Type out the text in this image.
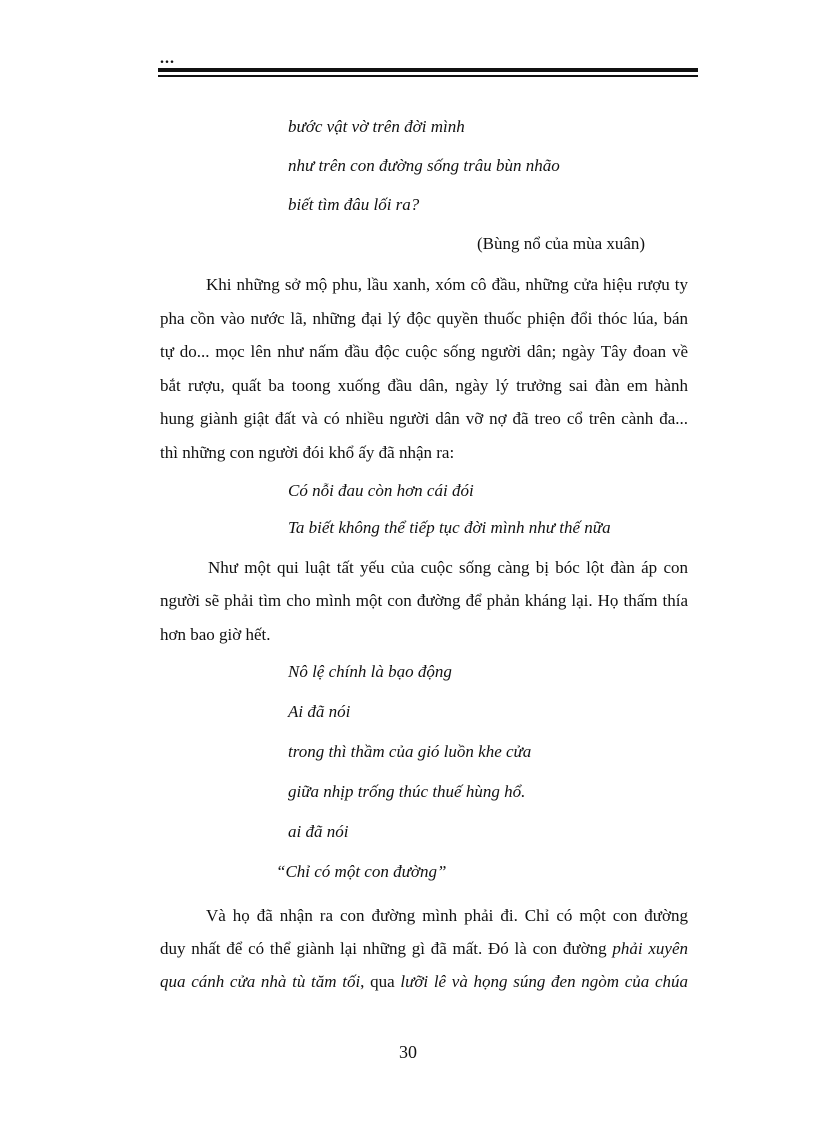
...
bước vật vờ trên đời mình
như trên con đường sống trâu bùn nhão
biết tìm đâu lối ra?
(Bùng nổ của mùa xuân)
Khi những sở mộ phu, lầu xanh, xóm cô đầu, những cửa hiệu rượu ty
pha cồn vào nước lã, những đại lý độc quyền thuốc phiện đổi thóc lúa, bán
tự do... mọc lên như nấm đầu độc cuộc sống người dân; ngày Tây đoan về
bắt rượu, quất ba toong xuống đầu dân, ngày lý trưởng sai đàn em hành
hung giành giật đất và có nhiều người dân vỡ nợ đã treo cổ trên cành đa...
thì những con người đói khổ ấy đã nhận ra:
Có nỗi đau còn hơn cái đói
Ta biết không thể tiếp tục đời mình như thế nữa
Như một qui luật tất yếu của cuộc sống càng bị bóc lột đàn áp con
người sẽ phải tìm cho mình một con đường để phản kháng lại. Họ thấm thía
hơn bao giờ hết.
Nô lệ chính là bạo động
Ai đã nói
trong thì thầm của gió luồn khe cửa
giữa nhịp trống thúc thuế hùng hổ.
ai đã nói
“Chỉ có một con đường”
Và họ đã nhận ra con đường mình phải đi. Chỉ có một con đường
duy nhất để có thể giành lại những gì đã mất. Đó là con đường phải xuyên
qua cánh cửa nhà tù tăm tối, qua lưỡi lê và họng súng đen ngòm của chúa
30
